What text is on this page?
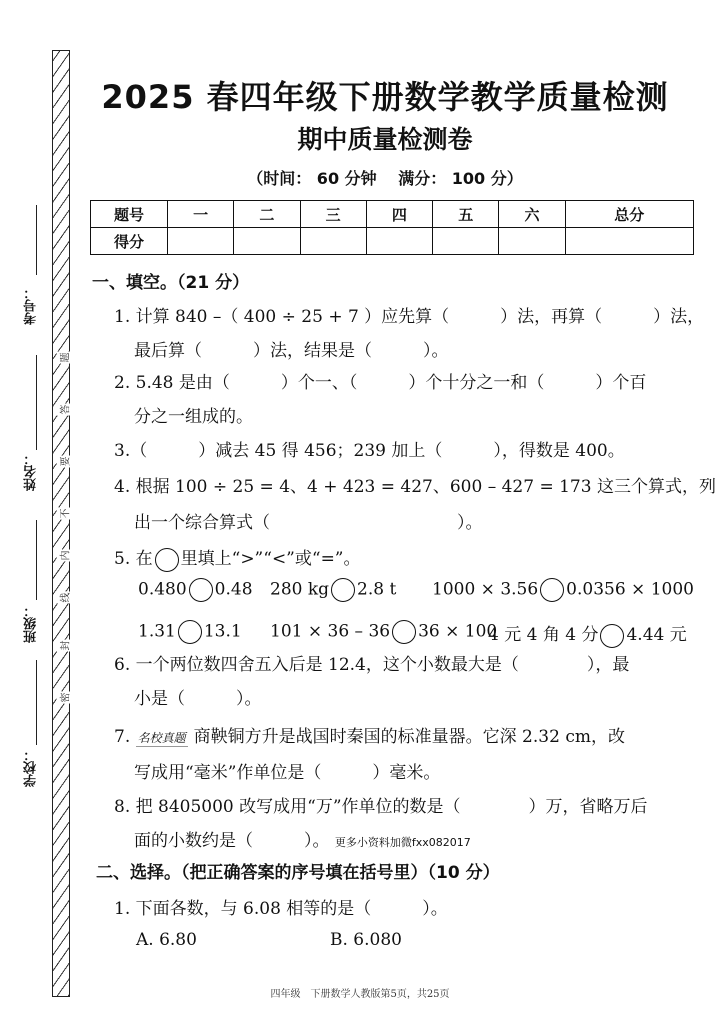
题
答
要
不
内
线
封
密
考号：
姓名：
班级：
学校：
2025 春四年级下册数学教学质量检测
期中质量检测卷
（时间： 60 分钟　 满分： 100 分）
题号	一	二	三	四	五	六	总分
得分							
一、填空。（21 分）
1. 计算 840 –（ 400 ÷ 25 + 7 ）应先算（　　　）法，再算（　　　）法，
最后算（　　　）法，结果是（　　　）。
2. 5.48 是由（　　　）个一、（　　　）个十分之一和（　　　）个百
分之一组成的。
3.（　　　）减去 45 得 456；239 加上（　　　），得数是 400。
4. 根据 100 ÷ 25 = 4、4 + 423 = 427、600 – 427 = 173 这三个算式，列
出一个综合算式（　　　　　　　　　　　）。
5. 在 里填上“>”“<”或“=”。
0.480 0.48 280 kg 2.8 t 1000 × 3.56 0.0356 × 1000
1.31 13.1 101 × 36 – 36 36 × 100
4 元 4 角 4 分 4.44 元
6. 一个两位数四舍五入后是 12.4，这个小数最大是（　　　　），最
小是（　　　）。
7. 名校真题 商鞅铜方升是战国时秦国的标准量器。它深 2.32 cm，改
写成用“毫米”作单位是（　　　）毫米。
8. 把 8405000 改写成用“万”作单位的数是（　　　　）万，省略万后
面的小数约是（　　　）。 更多小资料加微fxx082017
二、选择。（把正确答案的序号填在括号里）（10 分）
1. 下面各数，与 6.08 相等的是（　　　）。
A. 6.80	B. 6.080
四年级　下册数学人教版第5页，共25页
